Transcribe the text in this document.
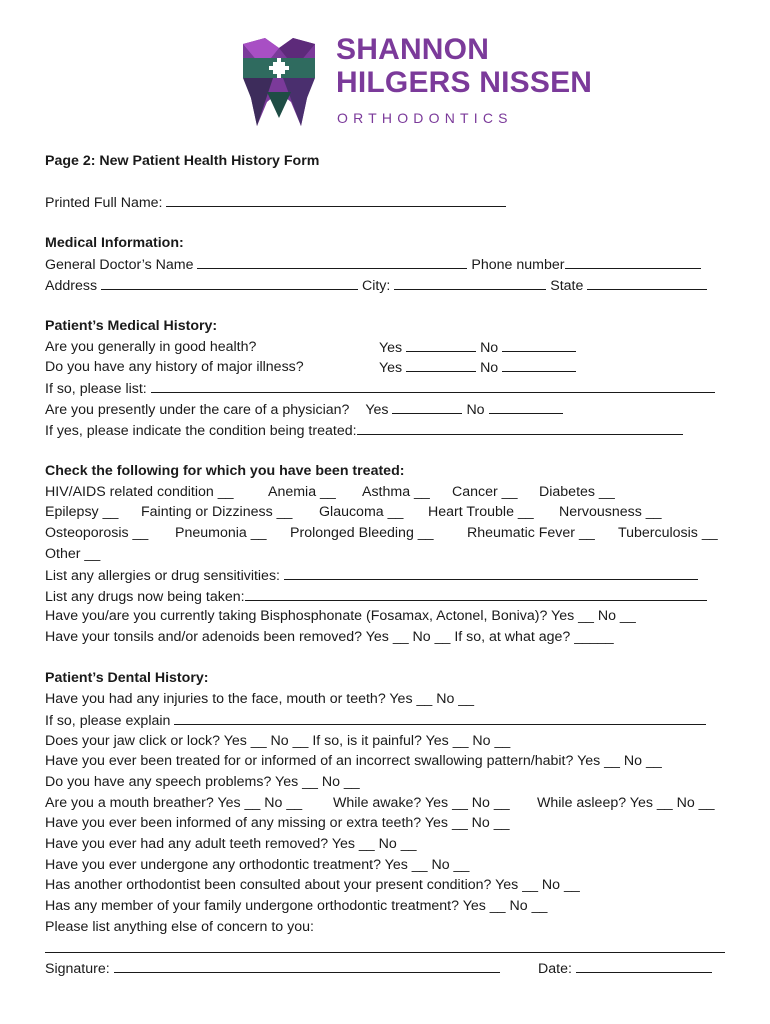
SHANNON
HILGERS NISSEN
ORTHODONTICS
Page 2: New Patient Health History Form
Printed Full Name:
Medical Information:
General Doctor’s Name	Phone number
Address	City:	State
Patient’s Medical History:
Are you generally in good health?	Yes	No
Do you have any history of major illness?	Yes	No
If so, please list:
Are you presently under the care of a physician? Yes	No
If yes, please indicate the condition being treated:
Check the following for which you have been treated:
HIV/AIDS related condition __ Anemia __ Asthma __ Cancer __ Diabetes __
Epilepsy __ Fainting or Dizziness __ Glaucoma __ Heart Trouble __ Nervousness __
Osteoporosis __ Pneumonia __ Prolonged Bleeding __ Rheumatic Fever __ Tuberculosis __
Other __
List any allergies or drug sensitivities:
List any drugs now being taken:
Have you/are you currently taking Bisphosphonate (Fosamax, Actonel, Boniva)? Yes __ No __
Have your tonsils and/or adenoids been removed? Yes __ No __ If so, at what age? _____
Patient’s Dental History:
Have you had any injuries to the face, mouth or teeth? Yes __ No __
If so, please explain
Does your jaw click or lock? Yes __ No __ If so, is it painful? Yes __ No __
Have you ever been treated for or informed of an incorrect swallowing pattern/habit? Yes __ No __
Do you have any speech problems? Yes __ No __
Are you a mouth breather? Yes __ No __ While awake? Yes __ No __ While asleep? Yes __ No __
Have you ever been informed of any missing or extra teeth? Yes __ No __
Have you ever had any adult teeth removed? Yes __ No __
Have you ever undergone any orthodontic treatment? Yes __ No __
Has another orthodontist been consulted about your present condition? Yes __ No __
Has any member of your family undergone orthodontic treatment? Yes __ No __
Please list anything else of concern to you:
Signature:	Date:
